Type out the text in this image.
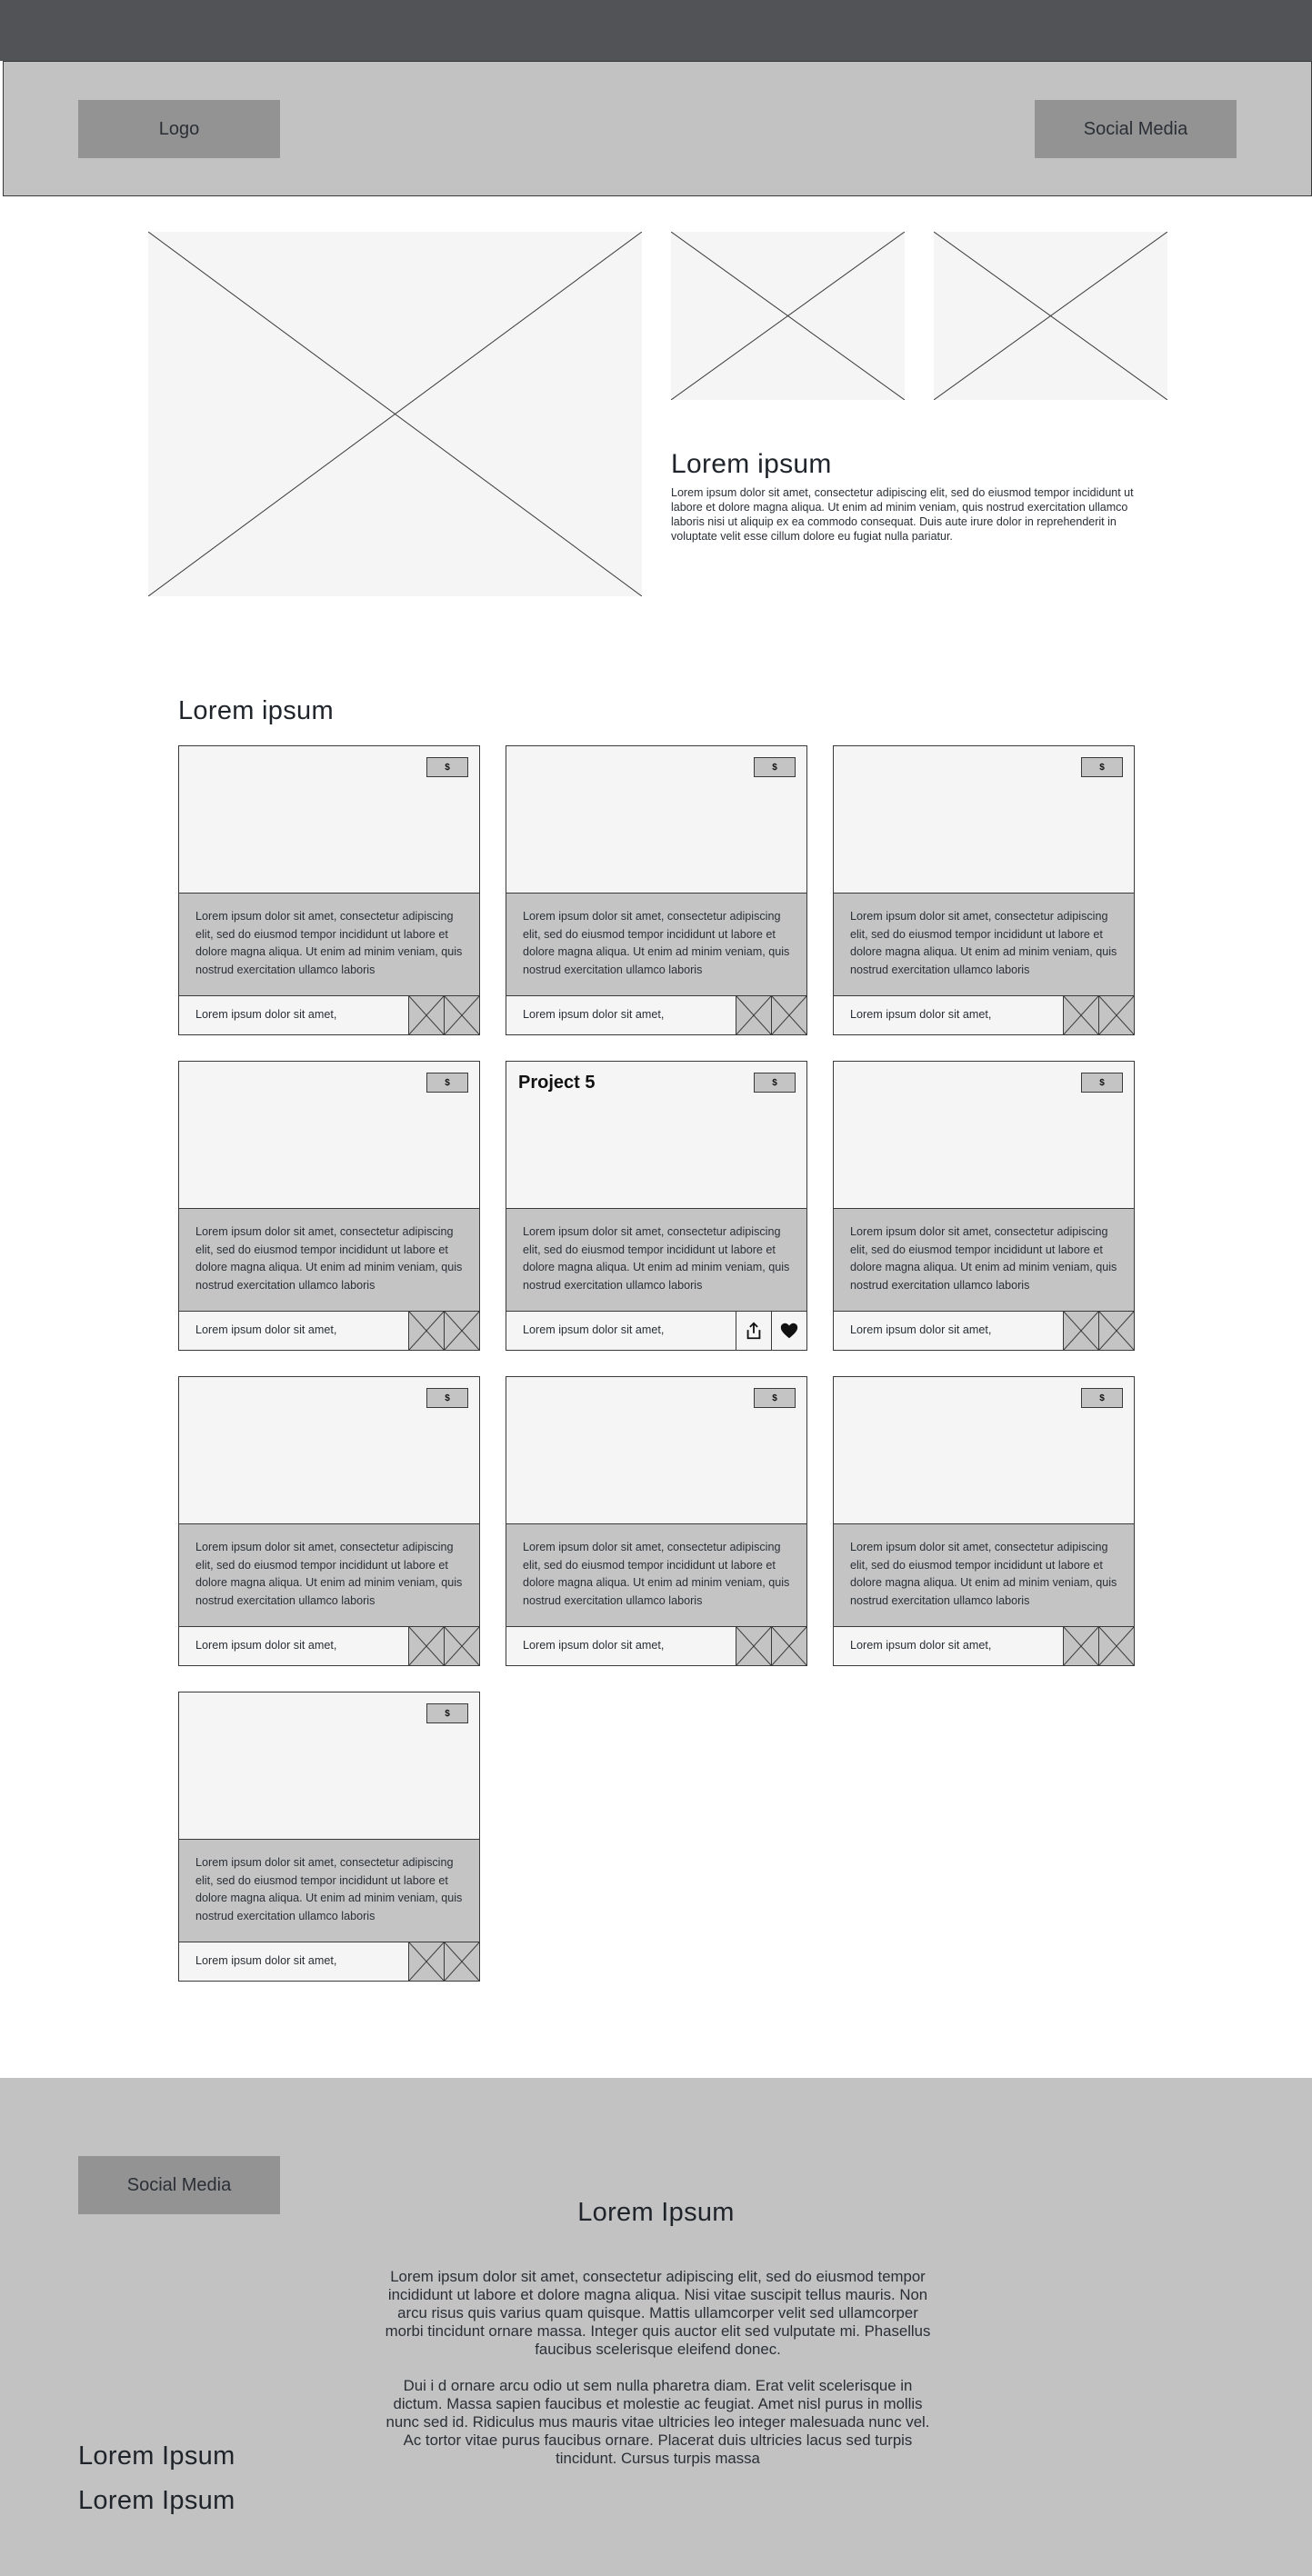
Logo	Social Media
Lorem ipsum
Lorem ipsum dolor sit amet, consectetur adipiscing elit, sed do eiusmod tempor incididunt ut labore et dolore magna aliqua. Ut enim ad minim veniam, quis nostrud exercitation ullamco laboris nisi ut aliquip ex ea commodo consequat. Duis aute irure dolor in reprehenderit in voluptate velit esse cillum dolore eu fugiat nulla pariatur.
Lorem ipsum
$
Lorem ipsum dolor sit amet, consectetur adipiscing elit, sed do eiusmod tempor incididunt ut labore et dolore magna aliqua. Ut enim ad minim veniam, quis nostrud exercitation ullamco laboris
Lorem ipsum dolor sit amet,
$
Lorem ipsum dolor sit amet, consectetur adipiscing elit, sed do eiusmod tempor incididunt ut labore et dolore magna aliqua. Ut enim ad minim veniam, quis nostrud exercitation ullamco laboris
Lorem ipsum dolor sit amet,
$
Lorem ipsum dolor sit amet, consectetur adipiscing elit, sed do eiusmod tempor incididunt ut labore et dolore magna aliqua. Ut enim ad minim veniam, quis nostrud exercitation ullamco laboris
Lorem ipsum dolor sit amet,
$
Lorem ipsum dolor sit amet, consectetur adipiscing elit, sed do eiusmod tempor incididunt ut labore et dolore magna aliqua. Ut enim ad minim veniam, quis nostrud exercitation ullamco laboris
Lorem ipsum dolor sit amet,
Project 5	$
Lorem ipsum dolor sit amet, consectetur adipiscing elit, sed do eiusmod tempor incididunt ut labore et dolore magna aliqua. Ut enim ad minim veniam, quis nostrud exercitation ullamco laboris
Lorem ipsum dolor sit amet,
$
Lorem ipsum dolor sit amet, consectetur adipiscing elit, sed do eiusmod tempor incididunt ut labore et dolore magna aliqua. Ut enim ad minim veniam, quis nostrud exercitation ullamco laboris
Lorem ipsum dolor sit amet,
$
Lorem ipsum dolor sit amet, consectetur adipiscing elit, sed do eiusmod tempor incididunt ut labore et dolore magna aliqua. Ut enim ad minim veniam, quis nostrud exercitation ullamco laboris
Lorem ipsum dolor sit amet,
$
Lorem ipsum dolor sit amet, consectetur adipiscing elit, sed do eiusmod tempor incididunt ut labore et dolore magna aliqua. Ut enim ad minim veniam, quis nostrud exercitation ullamco laboris
Lorem ipsum dolor sit amet,
$
Lorem ipsum dolor sit amet, consectetur adipiscing elit, sed do eiusmod tempor incididunt ut labore et dolore magna aliqua. Ut enim ad minim veniam, quis nostrud exercitation ullamco laboris
Lorem ipsum dolor sit amet,
$
Lorem ipsum dolor sit amet, consectetur adipiscing elit, sed do eiusmod tempor incididunt ut labore et dolore magna aliqua. Ut enim ad minim veniam, quis nostrud exercitation ullamco laboris
Lorem ipsum dolor sit amet,
Social Media
Lorem Ipsum
Lorem ipsum dolor sit amet, consectetur adipiscing elit, sed do eiusmod tempor incididunt ut labore et dolore magna aliqua. Nisi vitae suscipit tellus mauris. Non arcu risus quis varius quam quisque. Mattis ullamcorper velit sed ullamcorper morbi tincidunt ornare massa. Integer quis auctor elit sed vulputate mi. Phasellus faucibus scelerisque eleifend donec.
Dui i d ornare arcu odio ut sem nulla pharetra diam. Erat velit scelerisque in dictum. Massa sapien faucibus et molestie ac feugiat. Amet nisl purus in mollis nunc sed id. Ridiculus mus mauris vitae ultricies leo integer malesuada nunc vel. Ac tortor vitae purus faucibus ornare. Placerat duis ultricies lacus sed turpis tincidunt. Cursus turpis massa
Lorem Ipsum
Lorem Ipsum
